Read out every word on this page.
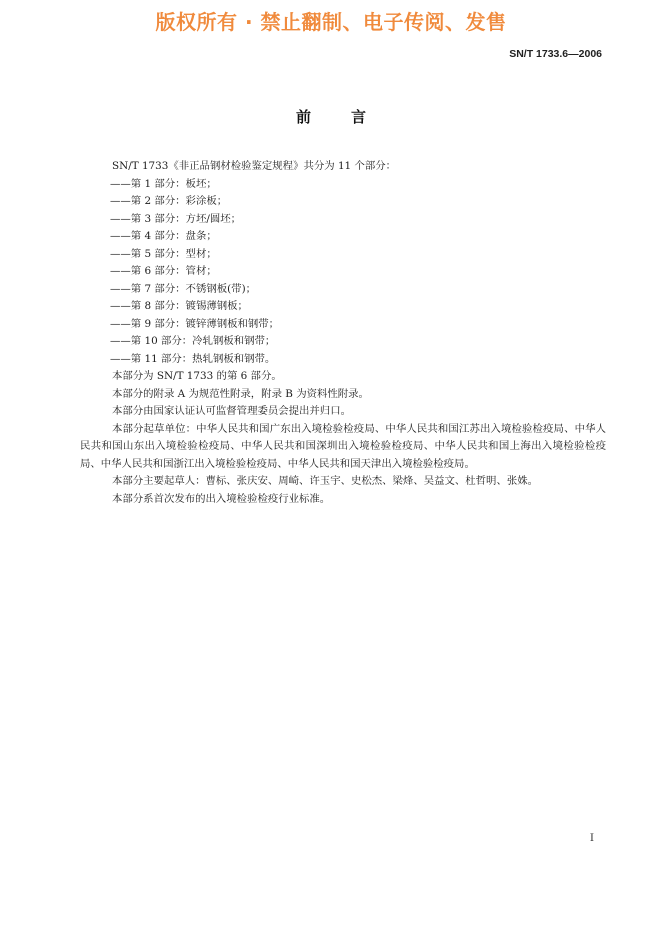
版权所有 · 禁止翻制、电子传阅、发售
SN/T 1733.6—2006
前言

SN/T 1733《非正品钢材检验鉴定规程》共分为 11 个部分：

——第 1 部分：板坯；

——第 2 部分：彩涂板；

——第 3 部分：方坯/圆坯；

——第 4 部分：盘条；

——第 5 部分：型材；

——第 6 部分：管材；

——第 7 部分：不锈钢板(带)；

——第 8 部分：镀锡薄钢板；

——第 9 部分：镀锌薄钢板和钢带；

——第 10 部分：冷轧钢板和钢带；

——第 11 部分：热轧钢板和钢带。

本部分为 SN/T 1733 的第 6 部分。

本部分的附录 A 为规范性附录，附录 B 为资料性附录。

本部分由国家认证认可监督管理委员会提出并归口。

本部分起草单位：中华人民共和国广东出入境检验检疫局、中华人民共和国江苏出入境检验检疫局、中华人民共和国山东出入境检验检疫局、中华人民共和国深圳出入境检验检疫局、中华人民共和国上海出入境检验检疫局、中华人民共和国浙江出入境检验检疫局、中华人民共和国天津出入境检验检疫局。

本部分主要起草人：曹标、张庆安、周崎、许玉宇、史松杰、梁烽、吴益文、杜哲明、张姝。

本部分系首次发布的出入境检验检疫行业标准。

I
